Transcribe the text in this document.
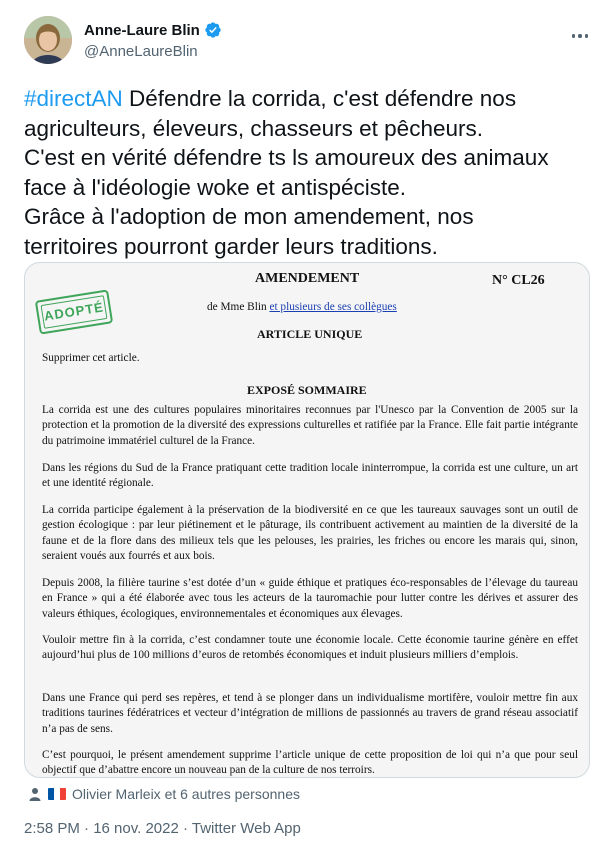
Anne-Laure Blin
@AnneLaureBlin

#directAN Défendre la corrida, c'est défendre nos

agriculteurs, éleveurs, chasseurs et pêcheurs.

C'est en vérité défendre ts ls amoureux des animaux

face à l'idéologie woke et antispéciste.

Grâce à l'adoption de mon amendement, nos

territoires pourront garder leurs traditions.

AMENDEMENT	N° CL26
ADOPTÉ	de Mme Blin et plusieurs de ses collègues
ARTICLE UNIQUE
Supprimer cet article.
EXPOSÉ SOMMAIRE
La corrida est une des cultures populaires minoritaires reconnues par l'Unesco par la Convention de 2005 sur la protection et la promotion de la diversité des expressions culturelles et ratifiée par la France. Elle fait partie intégrante du patrimoine immatériel culturel de la France.
Dans les régions du Sud de la France pratiquant cette tradition locale ininterrompue, la corrida est une culture, un art et une identité régionale.
La corrida participe également à la préservation de la biodiversité en ce que les taureaux sauvages sont un outil de gestion écologique : par leur piétinement et le pâturage, ils contribuent activement au maintien de la diversité de la faune et de la flore dans des milieux tels que les pelouses, les prairies, les friches ou encore les marais qui, sinon, seraient voués aux fourrés et aux bois.
Depuis 2008, la filière taurine s’est dotée d’un « guide éthique et pratiques éco-responsables de l’élevage du taureau en France » qui a été élaborée avec tous les acteurs de la tauromachie pour lutter contre les dérives et assurer des valeurs éthiques, écologiques, environnementales et économiques aux élevages.
Vouloir mettre fin à la corrida, c’est condamner toute une économie locale. Cette économie taurine génère en effet aujourd’hui plus de 100 millions d’euros de retombés économiques et induit plusieurs milliers d’emplois.
Dans une France qui perd ses repères, et tend à se plonger dans un individualisme mortifère, vouloir mettre fin aux traditions taurines fédératrices et vecteur d’intégration de millions de passionnés au travers de grand réseau associatif n’a pas de sens.
C’est pourquoi, le présent amendement supprime l’article unique de cette proposition de loi qui n’a que pour seul objectif que d’abattre encore un nouveau pan de la culture de nos terroirs.
Olivier Marleix et 6 autres personnes
2:58 PM · 16 nov. 2022 · Twitter Web App
